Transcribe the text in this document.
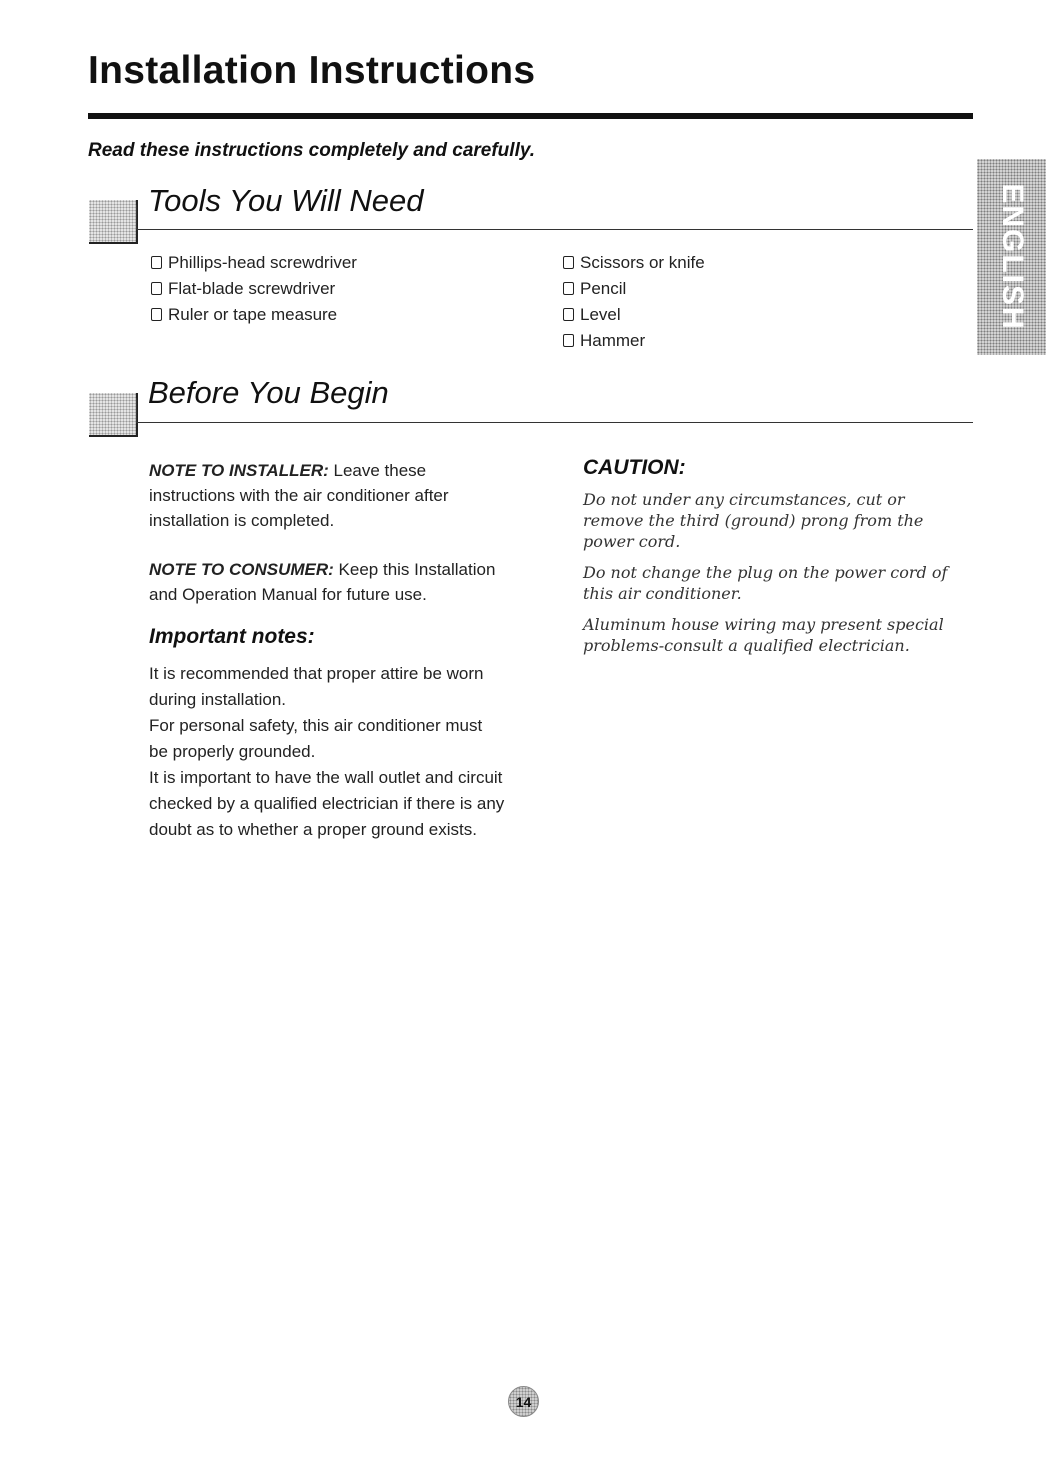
Installation Instructions
Read these instructions completely and carefully.
ENGLISH
Tools You Will Need
Phillips-head screwdriver
Flat-blade screwdriver
Ruler or tape measure
Scissors or knife
Pencil
Level
Hammer
Before You Begin

NOTE TO INSTALLER: Leave these
instructions with the air conditioner after
installation is completed.

NOTE TO CONSUMER: Keep this Installation
and Operation Manual for future use.

Important notes:

It is recommended that proper attire be worn

during installation.

For personal safety, this air conditioner must

be properly grounded.

It is important to have the wall outlet and circuit

checked by a qualified electrician if there is any

doubt as to whether a proper ground exists.

CAUTION:

Do not under any circumstances, cut or remove the third (ground) prong from the power cord.

Do not change the plug on the power cord of this air conditioner.

Aluminum house wiring may present special problems-consult a qualified electrician.

14
